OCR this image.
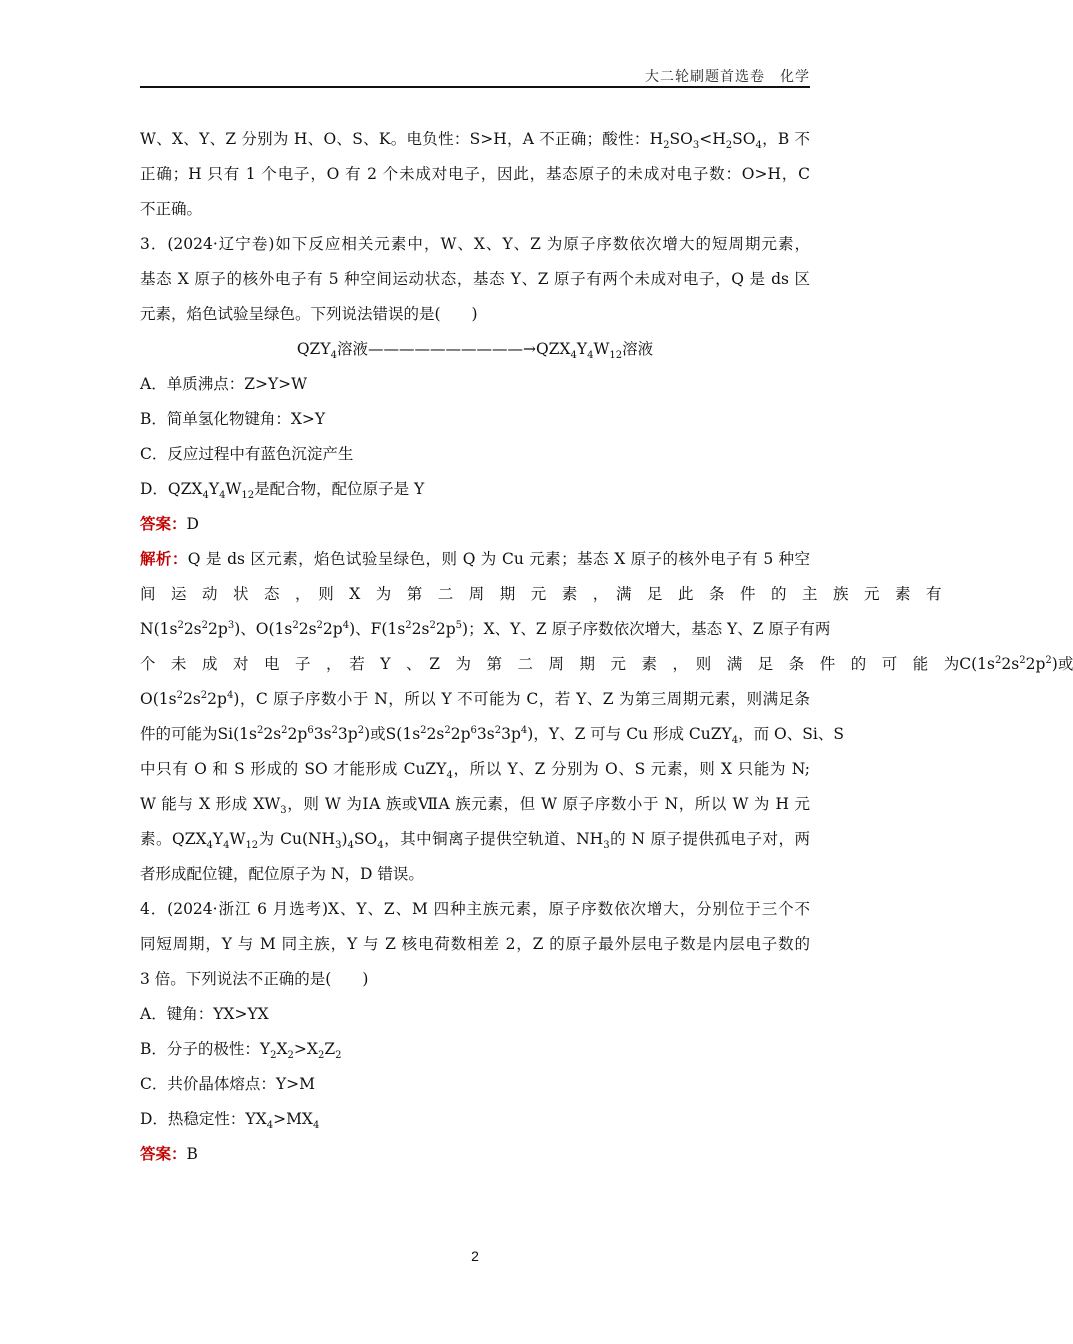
大二轮刷题首选卷　化学
W、X、Y、Z 分别为 H、O、S、K。电负性：S>H，A 不正确；酸性：$H_2SO_3<H_2SO_4$，B 不
正确；H 只有 1 个电子，O 有 2 个未成对电子，因此，基态原子的未成对电子数：O>H，C
不正确。
3．(2024·辽宁卷)如下反应相关元素中，W、X、Y、Z 为原子序数依次增大的短周期元素，
基态 X 原子的核外电子有 5 种空间运动状态，基态 Y、Z 原子有两个未成对电子，Q 是 ds 区
元素，焰色试验呈绿色。下列说法错误的是(　　)
$QZY_4$溶液$——————————\to QZX_4Y_4W_{12}$溶液
A．单质沸点：Z>Y>W
B．简单氢化物键角：X>Y
C．反应过程中有蓝色沉淀产生
D．$QZX_4Y_4W_{12}$是配合物，配位原子是 Y
答案：D
解析：Q 是 ds 区元素，焰色试验呈绿色，则 Q 为 Cu 元素；基态 X 原子的核外电子有 5 种空
间　运　动　状　态　，　则　X　为　第　二　周　期　元　素　，　满　足　此　条　件　的　主　族　元　素　有
$N(1s^22s^22p^3)$、$O(1s^22s^22p^4)$、$F(1s^22s^22p^5)$；X、Y、Z 原子序数依次增大，基态 Y、Z 原子有两
个　未　成　对　电　子　，　若　Y　、　Z　为　第　二　周　期　元　素　，　则　满　足　条　件　的　可　能　为$C(1s^22s^22p^2)$或
$O(1s^22s^22p^4)$，C 原子序数小于 N，所以 Y 不可能为 C，若 Y、Z 为第三周期元素，则满足条
件的可能为$Si(1s^22s^22p^63s^23p^2)$或$S(1s^22s^22p^63s^23p^4)$，Y、Z 可与 Cu 形成 CuZY$_4$，而 O、Si、S
中只有 O 和 S 形成的 SO 才能形成 CuZY$_4$，所以 Y、Z 分别为 O、S 元素，则 X 只能为 N;
W 能与 X 形成 $XW_3$，则 W 为ⅠA 族或ⅦA 族元素，但 W 原子序数小于 N，所以 W 为 H 元
素。$QZX_4Y_4W_{12}$为 $Cu(NH_3)_4SO_4$，其中铜离子提供空轨道、$NH_3$的 N 原子提供孤电子对，两
者形成配位键，配位原子为 N，D 错误。
4．(2024·浙江 6 月选考)X、Y、Z、M 四种主族元素，原子序数依次增大，分别位于三个不
同短周期，Y 与 M 同主族，Y 与 Z 核电荷数相差 2，Z 的原子最外层电子数是内层电子数的
3 倍。下列说法不正确的是(　　)
A．键角：YX>YX
B．分子的极性：$Y_2X_2>X_2Z_2$
C．共价晶体熔点：Y>M
D．热稳定性：$YX_4>MX_4$
答案：B
2
